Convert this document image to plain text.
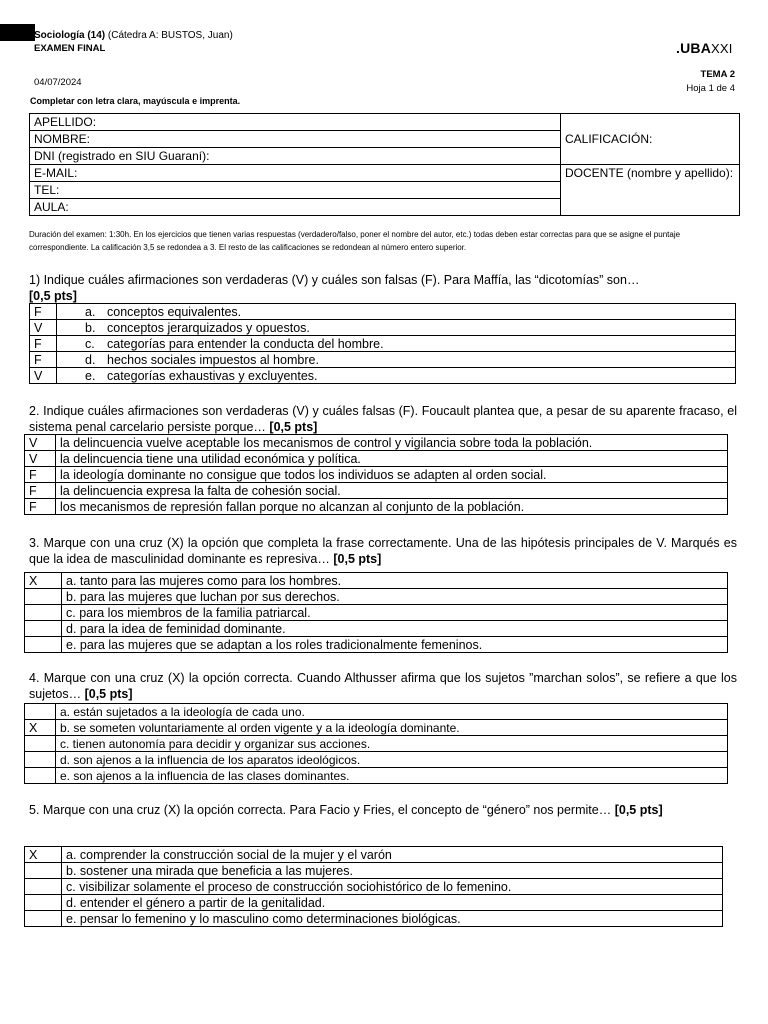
Sociología (14) (Cátedra A: BUSTOS, Juan)
EXAMEN FINAL	.UBAXXI
04/07/2024
TEMA 2
Hoja 1 de 4
Completar con letra clara, mayúscula e imprenta.
APELLIDO:	CALIFICACIÓN:
NOMBRE:	
DNI (registrado en SIU Guaraní):	
E-MAIL:	DOCENTE (nombre y apellido):
TEL:	
AULA:	
Duración del examen: 1:30h. En los ejercicios que tienen varias respuestas (verdadero/falso, poner el nombre del autor, etc.) todas deben estar correctas para que se asigne el puntaje correspondiente. La calificación 3,5 se redondea a 3. El resto de las calificaciones se redondean al número entero superior.
1) Indique cuáles afirmaciones son verdaderas (V) y cuáles son falsas (F). Para Maffía, las “dicotomías” son…
[0,5 pts]
F	a.	conceptos equivalentes.
V	b.	conceptos jerarquizados y opuestos.
F	c.	categorías para entender la conducta del hombre.
F	d.	hechos sociales impuestos al hombre.
V	e.	categorías exhaustivas y excluyentes.
2. Indique cuáles afirmaciones son verdaderas (V) y cuáles falsas (F). Foucault plantea que, a pesar de su aparente fracaso, el sistema penal carcelario persiste porque… [0,5 pts]
V	la delincuencia vuelve aceptable los mecanismos de control y vigilancia sobre toda la población.
V	la delincuencia tiene una utilidad económica y política.
F	la ideología dominante no consigue que todos los individuos se adapten al orden social.
F	la delincuencia expresa la falta de cohesión social.
F	los mecanismos de represión fallan porque no alcanzan al conjunto de la población.
3. Marque con una cruz (X) la opción que completa la frase correctamente. Una de las hipótesis principales de V. Marqués es que la idea de masculinidad dominante es represiva… [0,5 pts]
X	a. tanto para las mujeres como para los hombres.
	b. para las mujeres que luchan por sus derechos.
	c. para los miembros de la familia patriarcal.
	d. para la idea de feminidad dominante.
	e. para las mujeres que se adaptan a los roles tradicionalmente femeninos.
4. Marque con una cruz (X) la opción correcta. Cuando Althusser afirma que los sujetos ”marchan solos”, se refiere a que los sujetos… [0,5 pts]
	a. están sujetados a la ideología de cada uno.
X	b. se someten voluntariamente al orden vigente y a la ideología dominante.
	c. tienen autonomía para decidir y organizar sus acciones.
	d. son ajenos a la influencia de los aparatos ideológicos.
	e. son ajenos a la influencia de las clases dominantes.
5. Marque con una cruz (X) la opción correcta. Para Facio y Fries, el concepto de “género” nos permite… [0,5 pts]
X	a. comprender la construcción social de la mujer y el varón
	b. sostener una mirada que beneficia a las mujeres.
	c. visibilizar solamente el proceso de construcción sociohistórico de lo femenino.
	d. entender el género a partir de la genitalidad.
	e. pensar lo femenino y lo masculino como determinaciones biológicas.
